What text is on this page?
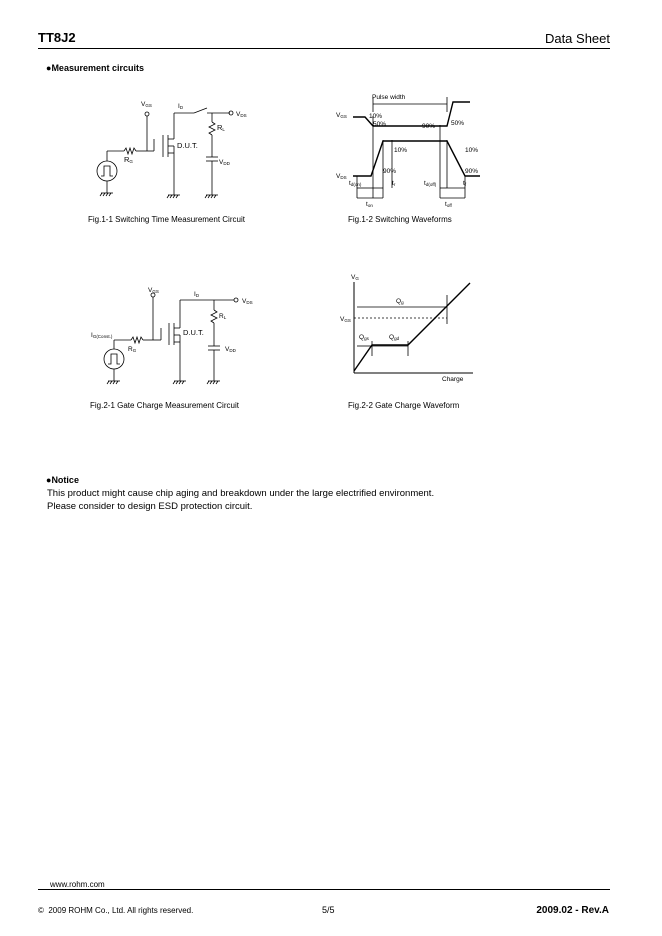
TT8J2	Data Sheet
●Measurement circuits
VGS	ID
VDS
RL
D.U.T.
RG	VDD
Fig.1-1 Switching Time Measurement Circuit
Pulse width
VGS
VDS
10%
50%	90% 50%
10%	10%
90%	90%
td(on)	tr	td(off)	tf
ton	toff
Fig.1-2 Switching Waveforms
VGS	ID
VDS
RL
D.U.T.
IG(Const.)
RG	VDD
Fig.2-1 Gate Charge Measurement Circuit
VG
VGS
Qg
Qgs	Qgd
Charge
Fig.2-2 Gate Charge Waveform
●Notice
This product might cause chip aging and breakdown under the large electrified environment.
Please consider to design ESD protection circuit.
www.rohm.com
© 2009 ROHM Co., Ltd. All rights reserved.	5/5	2009.02 - Rev.A
